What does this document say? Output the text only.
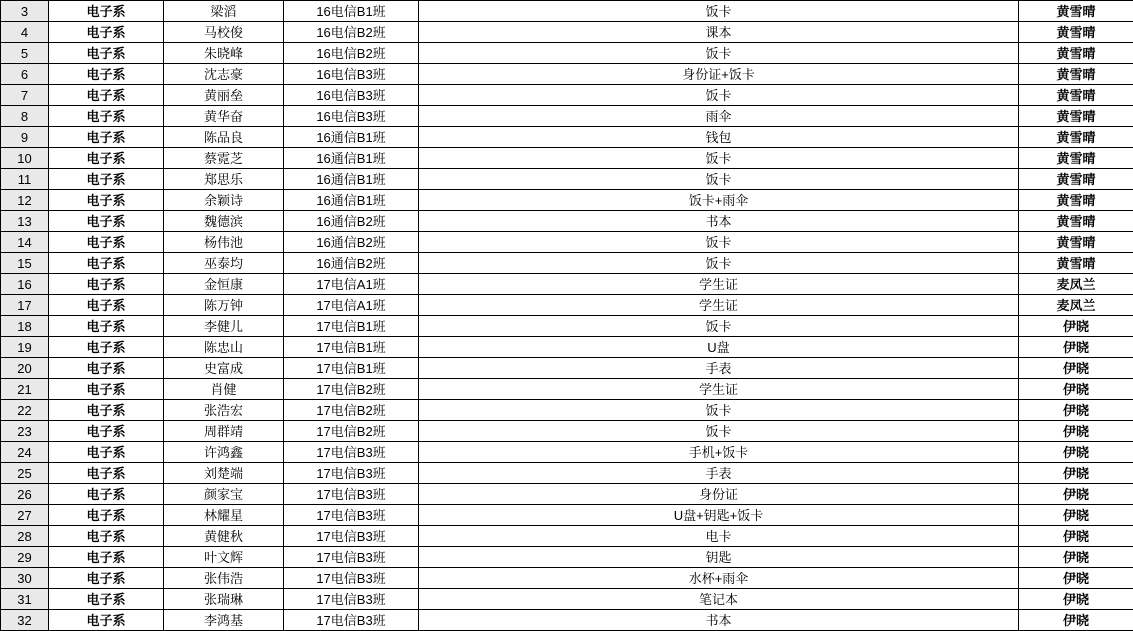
3	电子系	梁滔	16电信B1班	饭卡	黄雪晴
4	电子系	马校俊	16电信B2班	课本	黄雪晴
5	电子系	朱晓峰	16电信B2班	饭卡	黄雪晴
6	电子系	沈志豪	16电信B3班	身份证+饭卡	黄雪晴
7	电子系	黄丽垒	16电信B3班	饭卡	黄雪晴
8	电子系	黄华奋	16电信B3班	雨伞	黄雪晴
9	电子系	陈品良	16通信B1班	钱包	黄雪晴
10	电子系	蔡霓芝	16通信B1班	饭卡	黄雪晴
11	电子系	郑思乐	16通信B1班	饭卡	黄雪晴
12	电子系	余颖诗	16通信B1班	饭卡+雨伞	黄雪晴
13	电子系	魏德滨	16通信B2班	书本	黄雪晴
14	电子系	杨伟池	16通信B2班	饭卡	黄雪晴
15	电子系	巫泰均	16通信B2班	饭卡	黄雪晴
16	电子系	金恒康	17电信A1班	学生证	麦凤兰
17	电子系	陈万钟	17电信A1班	学生证	麦凤兰
18	电子系	李健儿	17电信B1班	饭卡	伊晓
19	电子系	陈忠山	17电信B1班	U盘	伊晓
20	电子系	史富成	17电信B1班	手表	伊晓
21	电子系	肖健	17电信B2班	学生证	伊晓
22	电子系	张浩宏	17电信B2班	饭卡	伊晓
23	电子系	周群靖	17电信B2班	饭卡	伊晓
24	电子系	许鸿鑫	17电信B3班	手机+饭卡	伊晓
25	电子系	刘楚端	17电信B3班	手表	伊晓
26	电子系	颜家宝	17电信B3班	身份证	伊晓
27	电子系	林耀星	17电信B3班	U盘+钥匙+饭卡	伊晓
28	电子系	黄健秋	17电信B3班	电卡	伊晓
29	电子系	叶文辉	17电信B3班	钥匙	伊晓
30	电子系	张伟浩	17电信B3班	水杯+雨伞	伊晓
31	电子系	张瑞琳	17电信B3班	笔记本	伊晓
32	电子系	李鸿基	17电信B3班	书本	伊晓
